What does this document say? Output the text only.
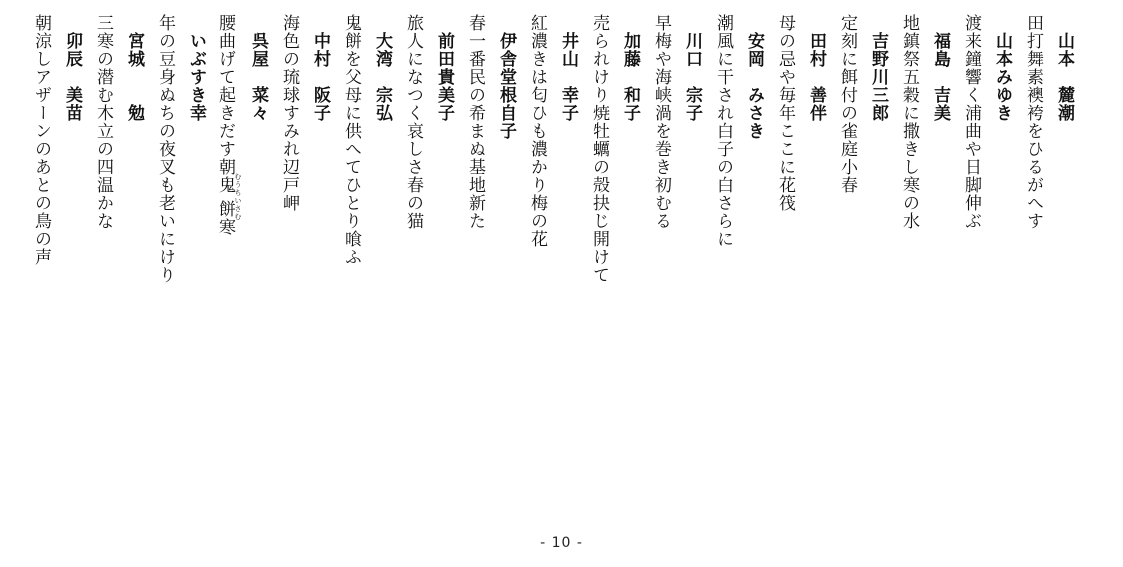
山本　麓潮
田打舞素襖袴をひるがへす
山本みゆき
渡来鐘響く浦曲や日脚伸ぶ
福島　吉美
地鎮祭五穀に撒きし寒の水
吉野川三郎
定刻に餌付の雀庭小春
田村　善伴
母の忌や毎年ここに花筏
安岡　みさき
潮風に干され白子の白さらに
川口　宗子
早梅や海峡渦を巻き初むる
加藤　和子
売られけり焼牡蠣の殻抉じ開けて
井山　幸子
紅濃きは匂ひも濃かり梅の花
伊舎堂根自子
春一番民の希まぬ基地新た
前田貴美子
旅人になつく哀しさ春の猫
大湾　宗弘
鬼餅を父母に供へてひとり喰ふ
中村　阪子
海色の琉球すみれ辺戸岬
呉屋　菜々
腰曲げて起きだす朝鬼餅 むうちいさむ寒
いぶすき幸
年の豆身ぬちの夜叉も老いにけり
宮城　　勉
三寒の潜む木立の四温かな
卯辰　美苗
朝涼しアザーンのあとの鳥の声
- 10 -
